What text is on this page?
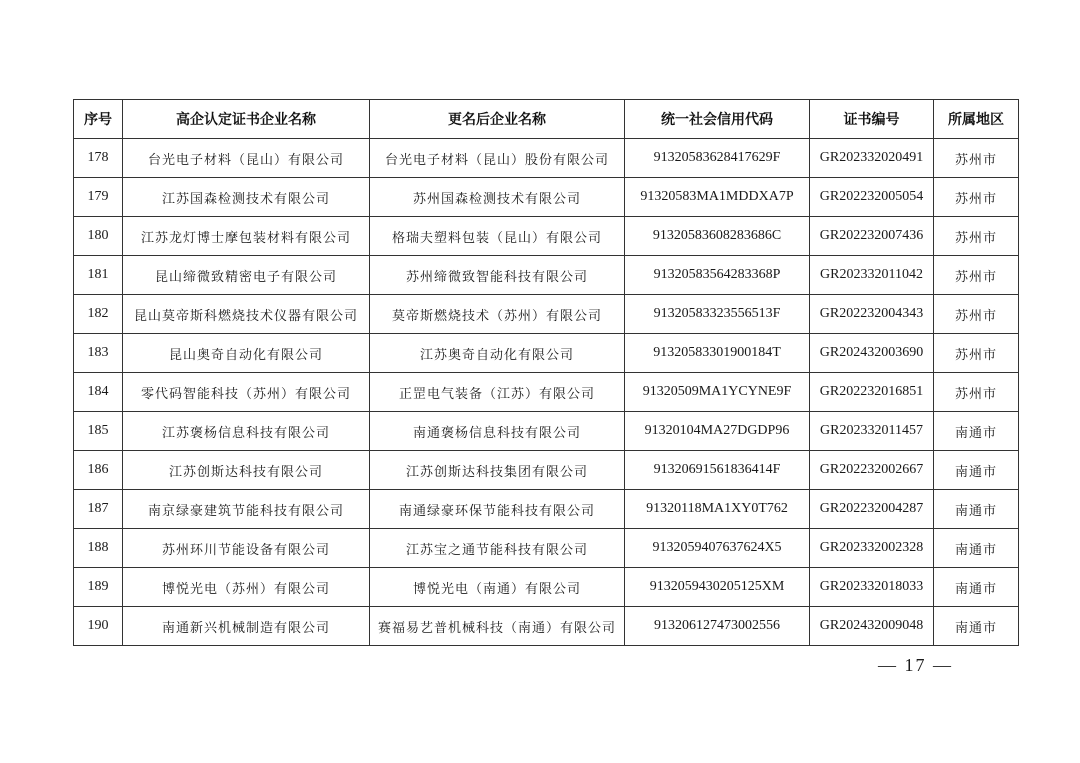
序号	高企认定证书企业名称	更名后企业名称	统一社会信用代码	证书编号	所属地区
178	台光电子材料（昆山）有限公司	台光电子材料（昆山）股份有限公司	91320583628417629F	GR202332020491	苏州市
179	江苏国森检测技术有限公司	苏州国森检测技术有限公司	91320583MA1MDDXA7P	GR202232005054	苏州市
180	江苏龙灯博士摩包装材料有限公司	格瑞夫塑料包装（昆山）有限公司	91320583608283686C	GR202232007436	苏州市
181	昆山缔微致精密电子有限公司	苏州缔微致智能科技有限公司	91320583564283368P	GR202332011042	苏州市
182	昆山莫帝斯科燃烧技术仪器有限公司	莫帝斯燃烧技术（苏州）有限公司	91320583323556513F	GR202232004343	苏州市
183	昆山奥奇自动化有限公司	江苏奥奇自动化有限公司	91320583301900184T	GR202432003690	苏州市
184	零代码智能科技（苏州）有限公司	正罡电气装备（江苏）有限公司	91320509MA1YCYNE9F	GR202232016851	苏州市
185	江苏褒杨信息科技有限公司	南通褒杨信息科技有限公司	91320104MA27DGDP96	GR202332011457	南通市
186	江苏创斯达科技有限公司	江苏创斯达科技集团有限公司	91320691561836414F	GR202232002667	南通市
187	南京绿豪建筑节能科技有限公司	南通绿豪环保节能科技有限公司	91320118MA1XY0T762	GR202232004287	南通市
188	苏州环川节能设备有限公司	江苏宝之通节能科技有限公司	9132059407637624X5	GR202332002328	南通市
189	博悦光电（苏州）有限公司	博悦光电（南通）有限公司	9132059430205125XM	GR202332018033	南通市
190	南通新兴机械制造有限公司	赛福易艺普机械科技（南通）有限公司	913206127473002556	GR202432009048	南通市
— 17 —
